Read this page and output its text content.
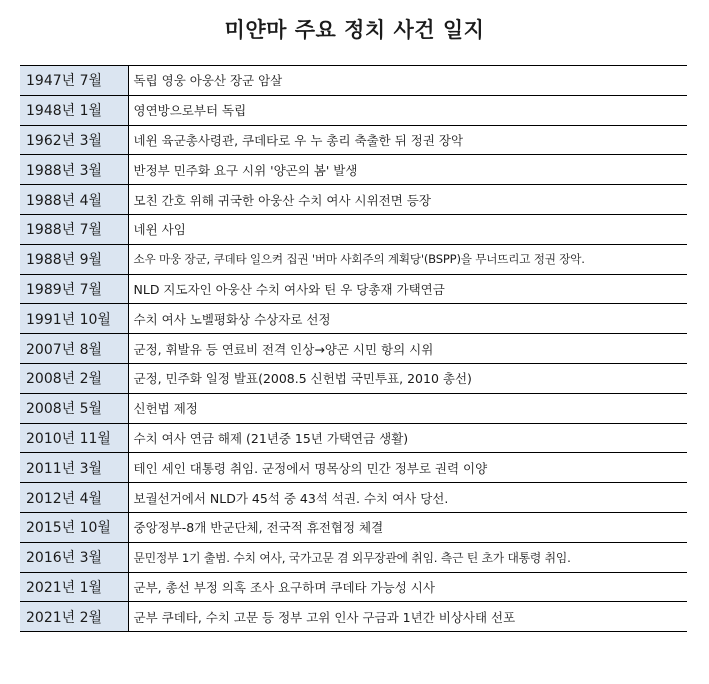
미얀마 주요 정치 사건 일지
1947년 7월	독립 영웅 아웅산 장군 암살
1948년 1월	영연방으로부터 독립
1962년 3월	네윈 육군총사령관, 쿠데타로 우 누 총리 축출한 뒤 정권 장악
1988년 3월	반정부 민주화 요구 시위 '양곤의 봄' 발생
1988년 4월	모친 간호 위해 귀국한 아웅산 수치 여사 시위전면 등장
1988년 7월	네윈 사임
1988년 9월	소우 마웅 장군, 쿠데타 일으켜 집권 '버마 사회주의 계획당'(BSPP)을 무너뜨리고 정권 장악.
1989년 7월	NLD 지도자인 아웅산 수치 여사와 틴 우 당총재 가택연금
1991년 10월	수치 여사 노벨평화상 수상자로 선정
2007년 8월	군정, 휘발유 등 연료비 전격 인상→양곤 시민 항의 시위
2008년 2월	군정, 민주화 일정 발표(2008.5 신헌법 국민투표, 2010 총선)
2008년 5월	신헌법 제정
2010년 11월	수치 여사 연금 해제 (21년중 15년 가택연금 생활)
2011년 3월	테인 세인 대통령 취임. 군정에서 명목상의 민간 정부로 권력 이양
2012년 4월	보궐선거에서 NLD가 45석 중 43석 석권. 수치 여사 당선.
2015년 10월	중앙정부-8개 반군단체, 전국적 휴전협정 체결
2016년 3월	문민정부 1기 출범. 수치 여사, 국가고문 겸 외무장관에 취임. 측근 틴 초가 대통령 취임.
2021년 1월	군부, 총선 부정 의혹 조사 요구하며 쿠데타 가능성 시사
2021년 2월	군부 쿠데타, 수치 고문 등 정부 고위 인사 구금과 1년간 비상사태 선포
